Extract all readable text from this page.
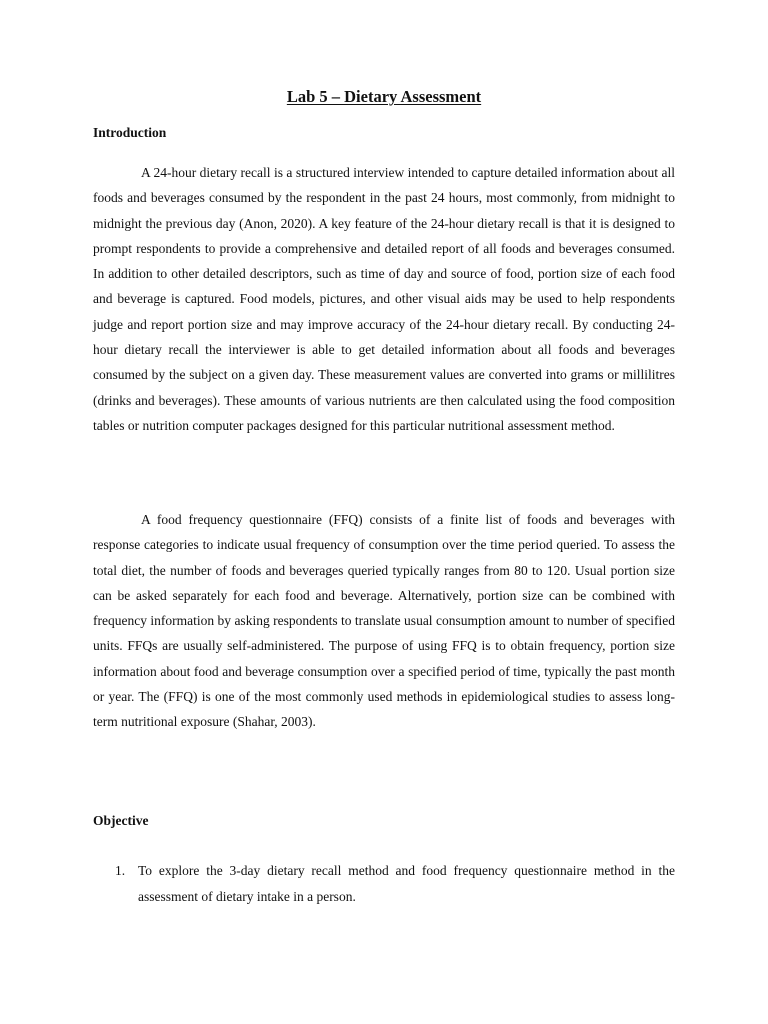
Lab 5 – Dietary Assessment
Introduction

A 24-hour dietary recall is a structured interview intended to capture detailed information about all foods and beverages consumed by the respondent in the past 24 hours, most commonly, from midnight to midnight the previous day (Anon, 2020). A key feature of the 24-hour dietary recall is that it is designed to prompt respondents to provide a comprehensive and detailed report of all foods and beverages consumed. In addition to other detailed descriptors, such as time of day and source of food, portion size of each food and beverage is captured. Food models, pictures, and other visual aids may be used to help respondents judge and report portion size and may improve accuracy of the 24-hour dietary recall. By conducting 24-hour dietary recall the interviewer is able to get detailed information about all foods and beverages consumed by the subject on a given day. These measurement values are converted into grams or millilitres (drinks and beverages). These amounts of various nutrients are then calculated using the food composition tables or nutrition computer packages designed for this particular nutritional assessment method.

A food frequency questionnaire (FFQ) consists of a finite list of foods and beverages with response categories to indicate usual frequency of consumption over the time period queried. To assess the total diet, the number of foods and beverages queried typically ranges from 80 to 120. Usual portion size can be asked separately for each food and beverage. Alternatively, portion size can be combined with frequency information by asking respondents to translate usual consumption amount to number of specified units. FFQs are usually self-administered. The purpose of using FFQ is to obtain frequency, portion size information about food and beverage consumption over a specified period of time, typically the past month or year. The (FFQ) is one of the most commonly used methods in epidemiological studies to assess long-term nutritional exposure (Shahar, 2003).

Objective
1. To explore the 3-day dietary recall method and food frequency questionnaire method in the assessment of dietary intake in a person.
